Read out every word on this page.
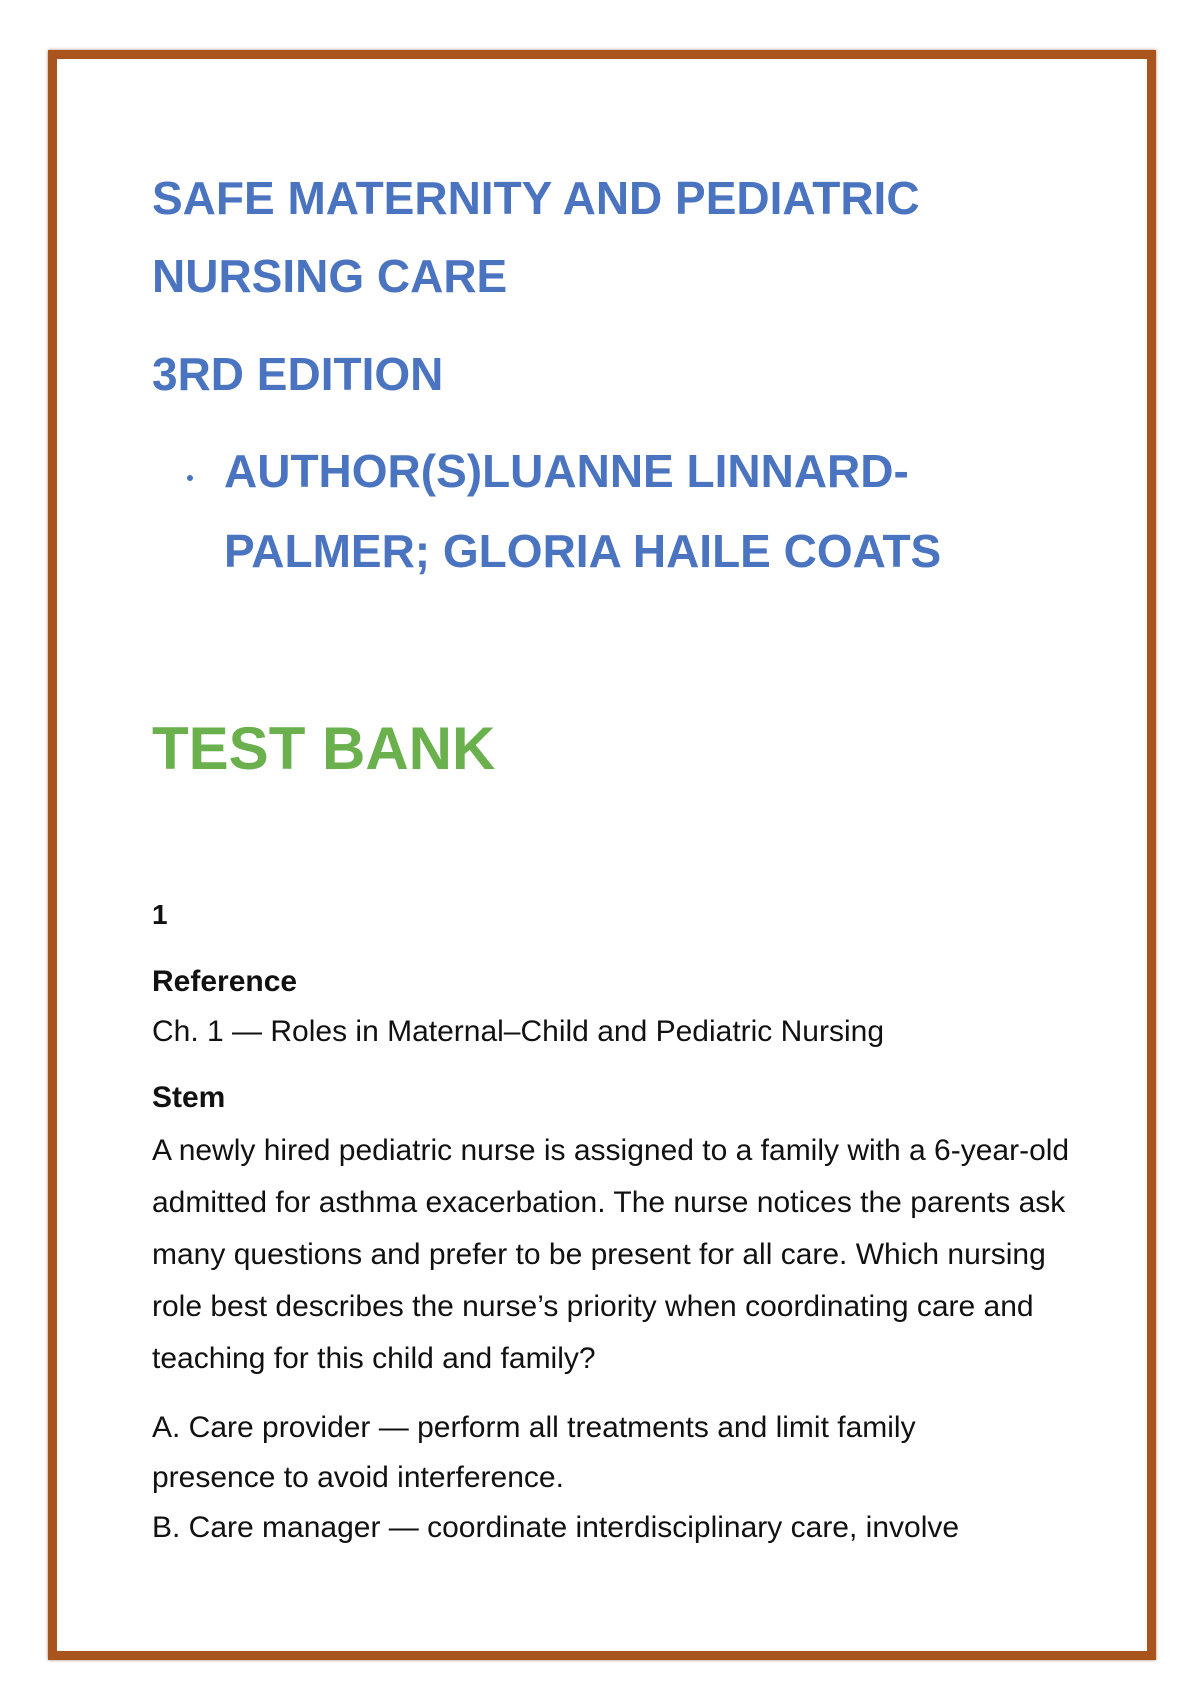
SAFE MATERNITY AND PEDIATRIC NURSING CARE
3RD EDITION
AUTHOR(S)LUANNE LINNARD-PALMER; GLORIA HAILE COATS
TEST BANK
1
Reference
Ch. 1 — Roles in Maternal–Child and Pediatric Nursing
Stem
A newly hired pediatric nurse is assigned to a family with a 6-year-old admitted for asthma exacerbation. The nurse notices the parents ask many questions and prefer to be present for all care. Which nursing role best describes the nurse’s priority when coordinating care and teaching for this child and family?
A. Care provider — perform all treatments and limit family presence to avoid interference.
B. Care manager — coordinate interdisciplinary care, involve
